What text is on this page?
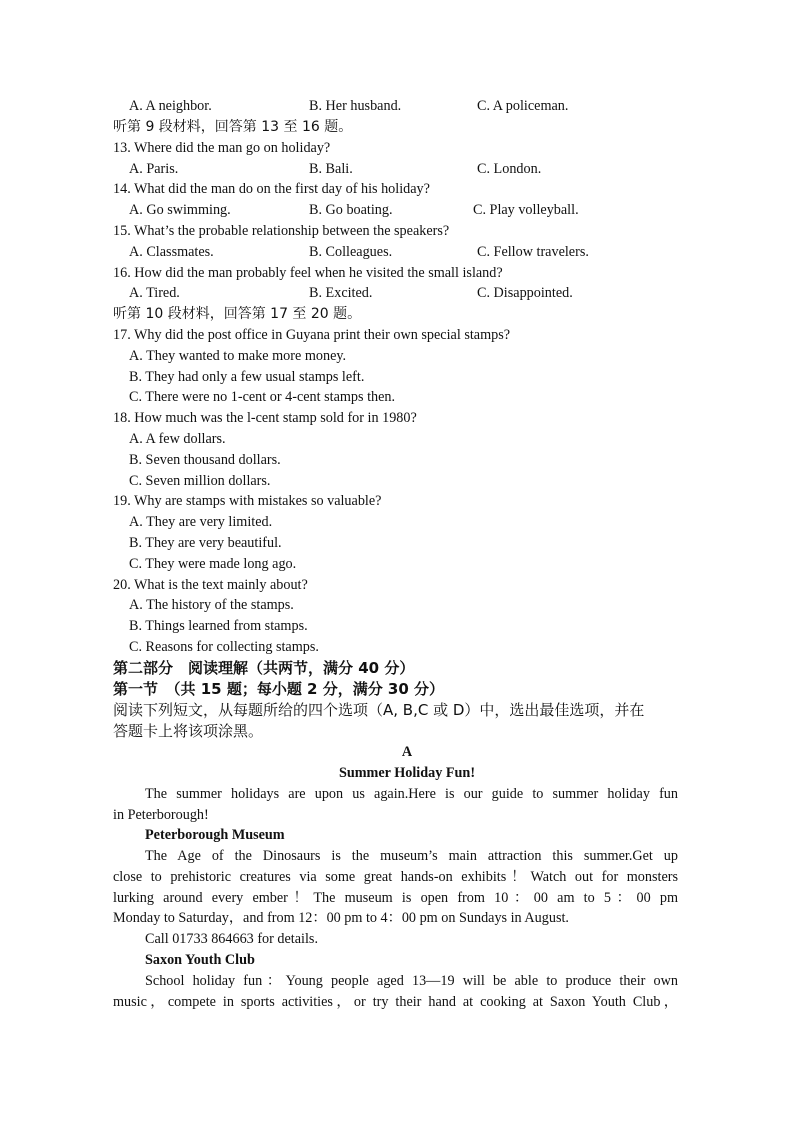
A. A neighbor.	B. Her husband.	C. A policeman.
听第 9 段材料，回答第 13 至 16 题。
13. Where did the man go on holiday?
A. Paris.	B. Bali.	C. London.
14. What did the man do on the first day of his holiday?
A. Go swimming.	B. Go boating.	C. Play volleyball.
15. What’s the probable relationship between the speakers?
A. Classmates.	B. Colleagues.	C. Fellow travelers.
16. How did the man probably feel when he visited the small island?
A. Tired.	B. Excited.	C. Disappointed.
听第 10 段材料，回答第 17 至 20 题。
17. Why did the post office in Guyana print their own special stamps?
A. They wanted to make more money.
B. They had only a few usual stamps left.
C. There were no 1-cent or 4-cent stamps then.
18. How much was the l-cent stamp sold for in 1980?
A. A few dollars.
B. Seven thousand dollars.
C. Seven million dollars.
19. Why are stamps with mistakes so valuable?
A. They are very limited.
B. They are very beautiful.
C. They were made long ago.
20. What is the text mainly about?
A. The history of the stamps.
B. Things learned from stamps.
C. Reasons for collecting stamps.
第二部分　阅读理解（共两节，满分 40 分）
第一节　（共 15 题；每小题 2 分，满分 30 分）
阅读下列短文，从每题所给的四个选项（A, B,C 或 D）中，选出最佳选项，并在
答题卡上将该项涂黑。
A
Summer Holiday Fun!
The summer holidays are upon us again.Here is our guide to summer holiday fun
in Peterborough!
Peterborough Museum
The Age of the Dinosaurs is the museum’s main attraction this summer.Get up
close to prehistoric creatures via some great hands-on exhibits！Watch out for monsters
lurking around every ember！The museum is open from 10：00 am to 5：00 pm
Monday to Saturday，and from 12：00 pm to 4：00 pm on Sundays in August.
Call 01733 864663 for details.
Saxon Youth Club
School holiday fun：Young people aged 13—19 will be able to produce their own
music，compete in sports activities，or try their hand at cooking at Saxon Youth Club，
